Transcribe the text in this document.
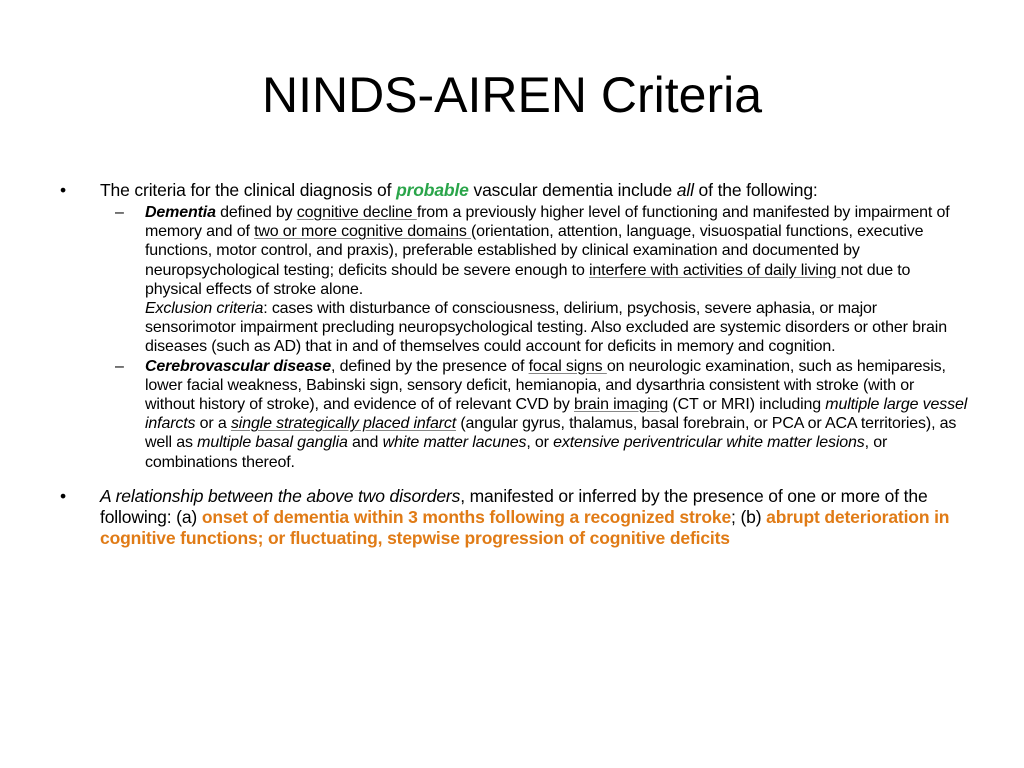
NINDS-AIREN Criteria
• The criteria for the clinical diagnosis of probable vascular dementia include all of the following:
– Dementia defined by cognitive decline from a previously higher level of functioning and manifested by impairment of memory and of two or more cognitive domains (orientation, attention, language, visuospatial functions, executive functions, motor control, and praxis), preferable established by clinical examination and documented by neuropsychological testing; deficits should be severe enough to interfere with activities of daily living not due to physical effects of stroke alone.
Exclusion criteria: cases with disturbance of consciousness, delirium, psychosis, severe aphasia, or major sensorimotor impairment precluding neuropsychological testing. Also excluded are systemic disorders or other brain diseases (such as AD) that in and of themselves could account for deficits in memory and cognition.
– Cerebrovascular disease, defined by the presence of focal signs on neurologic examination, such as hemiparesis, lower facial weakness, Babinski sign, sensory deficit, hemianopia, and dysarthria consistent with stroke (with or without history of stroke), and evidence of of relevant CVD by brain imaging (CT or MRI) including multiple large vessel infarcts or a single strategically placed infarct (angular gyrus, thalamus, basal forebrain, or PCA or ACA territories), as well as multiple basal ganglia and white matter lacunes, or extensive periventricular white matter lesions, or combinations thereof.
• A relationship between the above two disorders, manifested or inferred by the presence of one or more of the following: (a) onset of dementia within 3 months following a recognized stroke; (b) abrupt deterioration in cognitive functions; or fluctuating, stepwise progression of cognitive deficits
